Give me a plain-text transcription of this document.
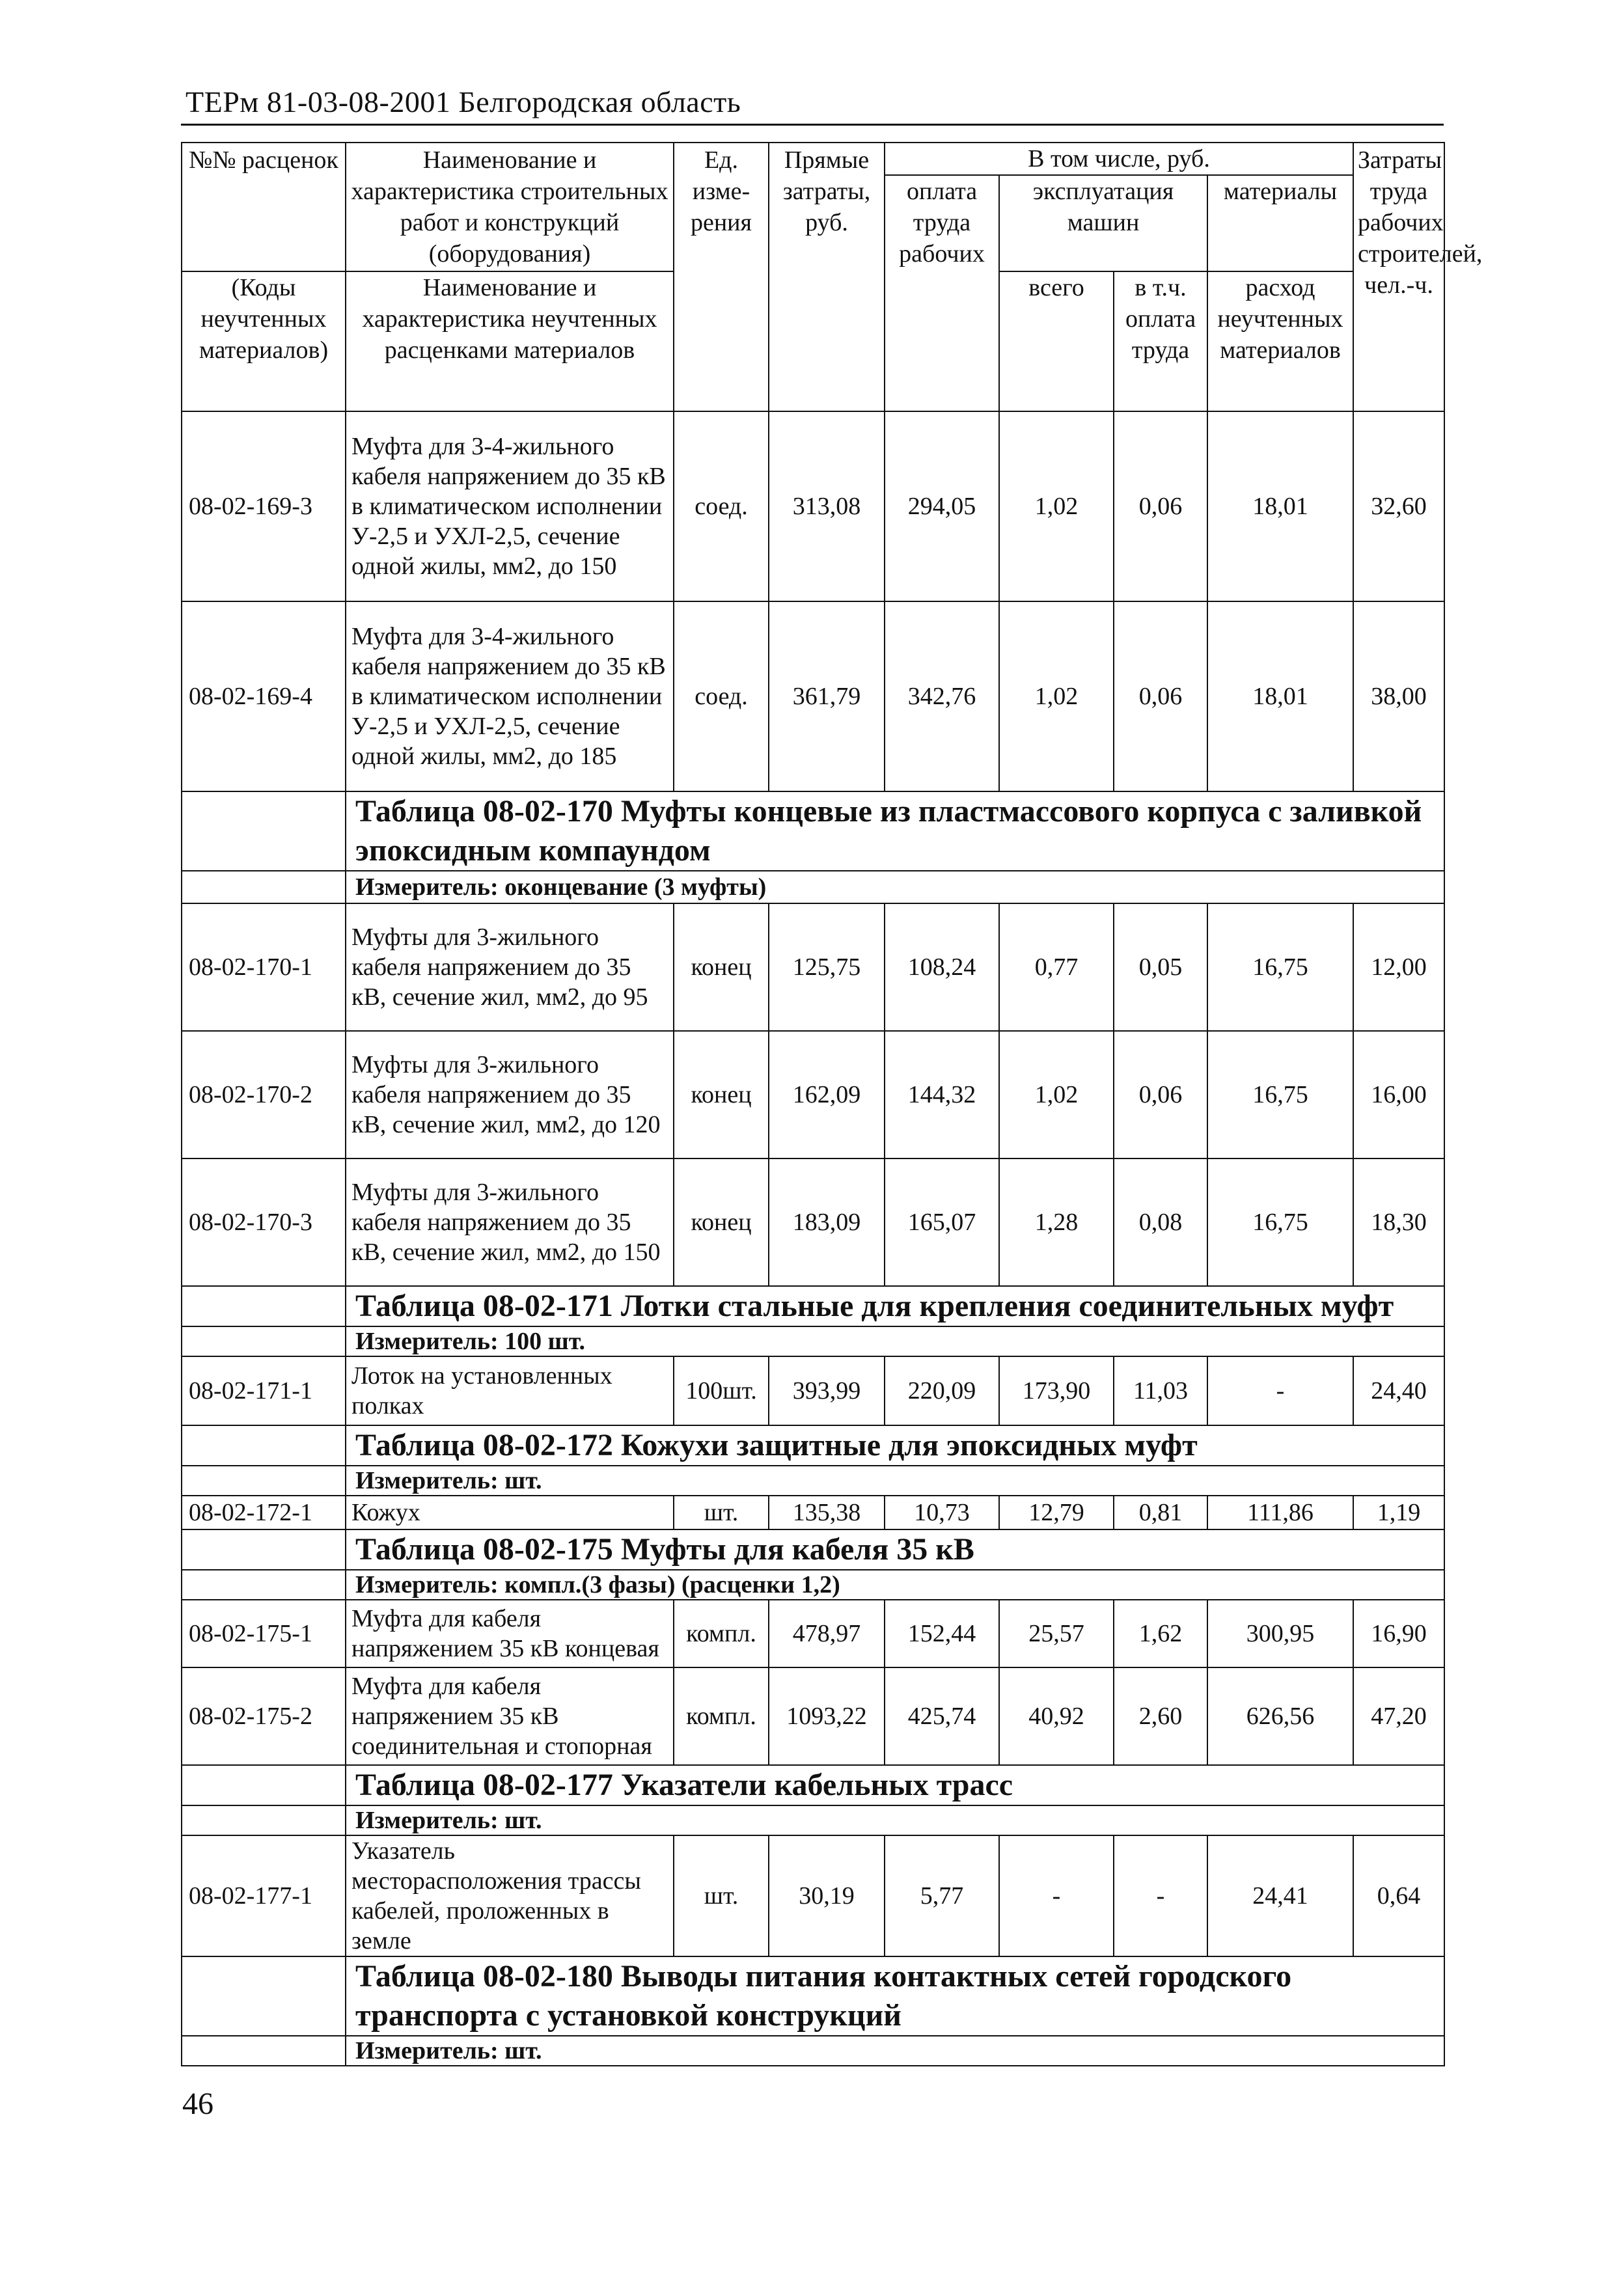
ТЕРм 81-03-08-2001 Белгородская область
№№ расценок	Наименование и характеристика строительных работ и конструкций (оборудования)	Ед. изме-рения	Прямые затраты, руб.	В том числе, руб.				Затраты труда рабочих строителей, чел.-ч.
				оплата труда рабочих	эксплуатация машин		материалы	
(Коды неучтенных материалов)	Наименование и характеристика неучтенных расценками материалов				всего	в т.ч. оплата труда	расход неучтенных материалов	
08-02-169-3	Муфта для 3-4-жильного кабеля напряжением до 35 кВ в климатическом исполнении У-2,5 и УХЛ-2,5, сечение одной жилы, мм2, до 150	соед.	313,08	294,05	1,02	0,06	18,01	32,60
08-02-169-4	Муфта для 3-4-жильного кабеля напряжением до 35 кВ в климатическом исполнении У-2,5 и УХЛ-2,5, сечение одной жилы, мм2, до 185	соед.	361,79	342,76	1,02	0,06	18,01	38,00
	Таблица 08-02-170 Муфты концевые из пластмассового корпуса с заливкой эпоксидным компаундом							
	Измеритель: оконцевание (3 муфты)							
08-02-170-1	Муфты для 3-жильного кабеля напряжением до 35 кВ, сечение жил, мм2, до 95	конец	125,75	108,24	0,77	0,05	16,75	12,00
08-02-170-2	Муфты для 3-жильного кабеля напряжением до 35 кВ, сечение жил, мм2, до 120	конец	162,09	144,32	1,02	0,06	16,75	16,00
08-02-170-3	Муфты для 3-жильного кабеля напряжением до 35 кВ, сечение жил, мм2, до 150	конец	183,09	165,07	1,28	0,08	16,75	18,30
	Таблица 08-02-171 Лотки стальные для крепления соединительных муфт							
	Измеритель: 100 шт.							
08-02-171-1	Лоток на установленных полках	100шт.	393,99	220,09	173,90	11,03	-	24,40
	Таблица 08-02-172 Кожухи защитные для эпоксидных муфт							
	Измеритель: шт.							
08-02-172-1	Кожух	шт.	135,38	10,73	12,79	0,81	111,86	1,19
	Таблица 08-02-175 Муфты для кабеля 35 кВ							
	Измеритель: компл.(3 фазы) (расценки 1,2)							
08-02-175-1	Муфта для кабеля напряжением 35 кВ концевая	компл.	478,97	152,44	25,57	1,62	300,95	16,90
08-02-175-2	Муфта для кабеля напряжением 35 кВ соединительная и стопорная	компл.	1093,22	425,74	40,92	2,60	626,56	47,20
	Таблица 08-02-177 Указатели кабельных трасс							
	Измеритель: шт.							
08-02-177-1	Указатель месторасположения трассы кабелей, проложенных в земле	шт.	30,19	5,77	-	-	24,41	0,64
	Таблица 08-02-180 Выводы питания контактных сетей городского транспорта с установкой конструкций							
	Измеритель: шт.							
46
